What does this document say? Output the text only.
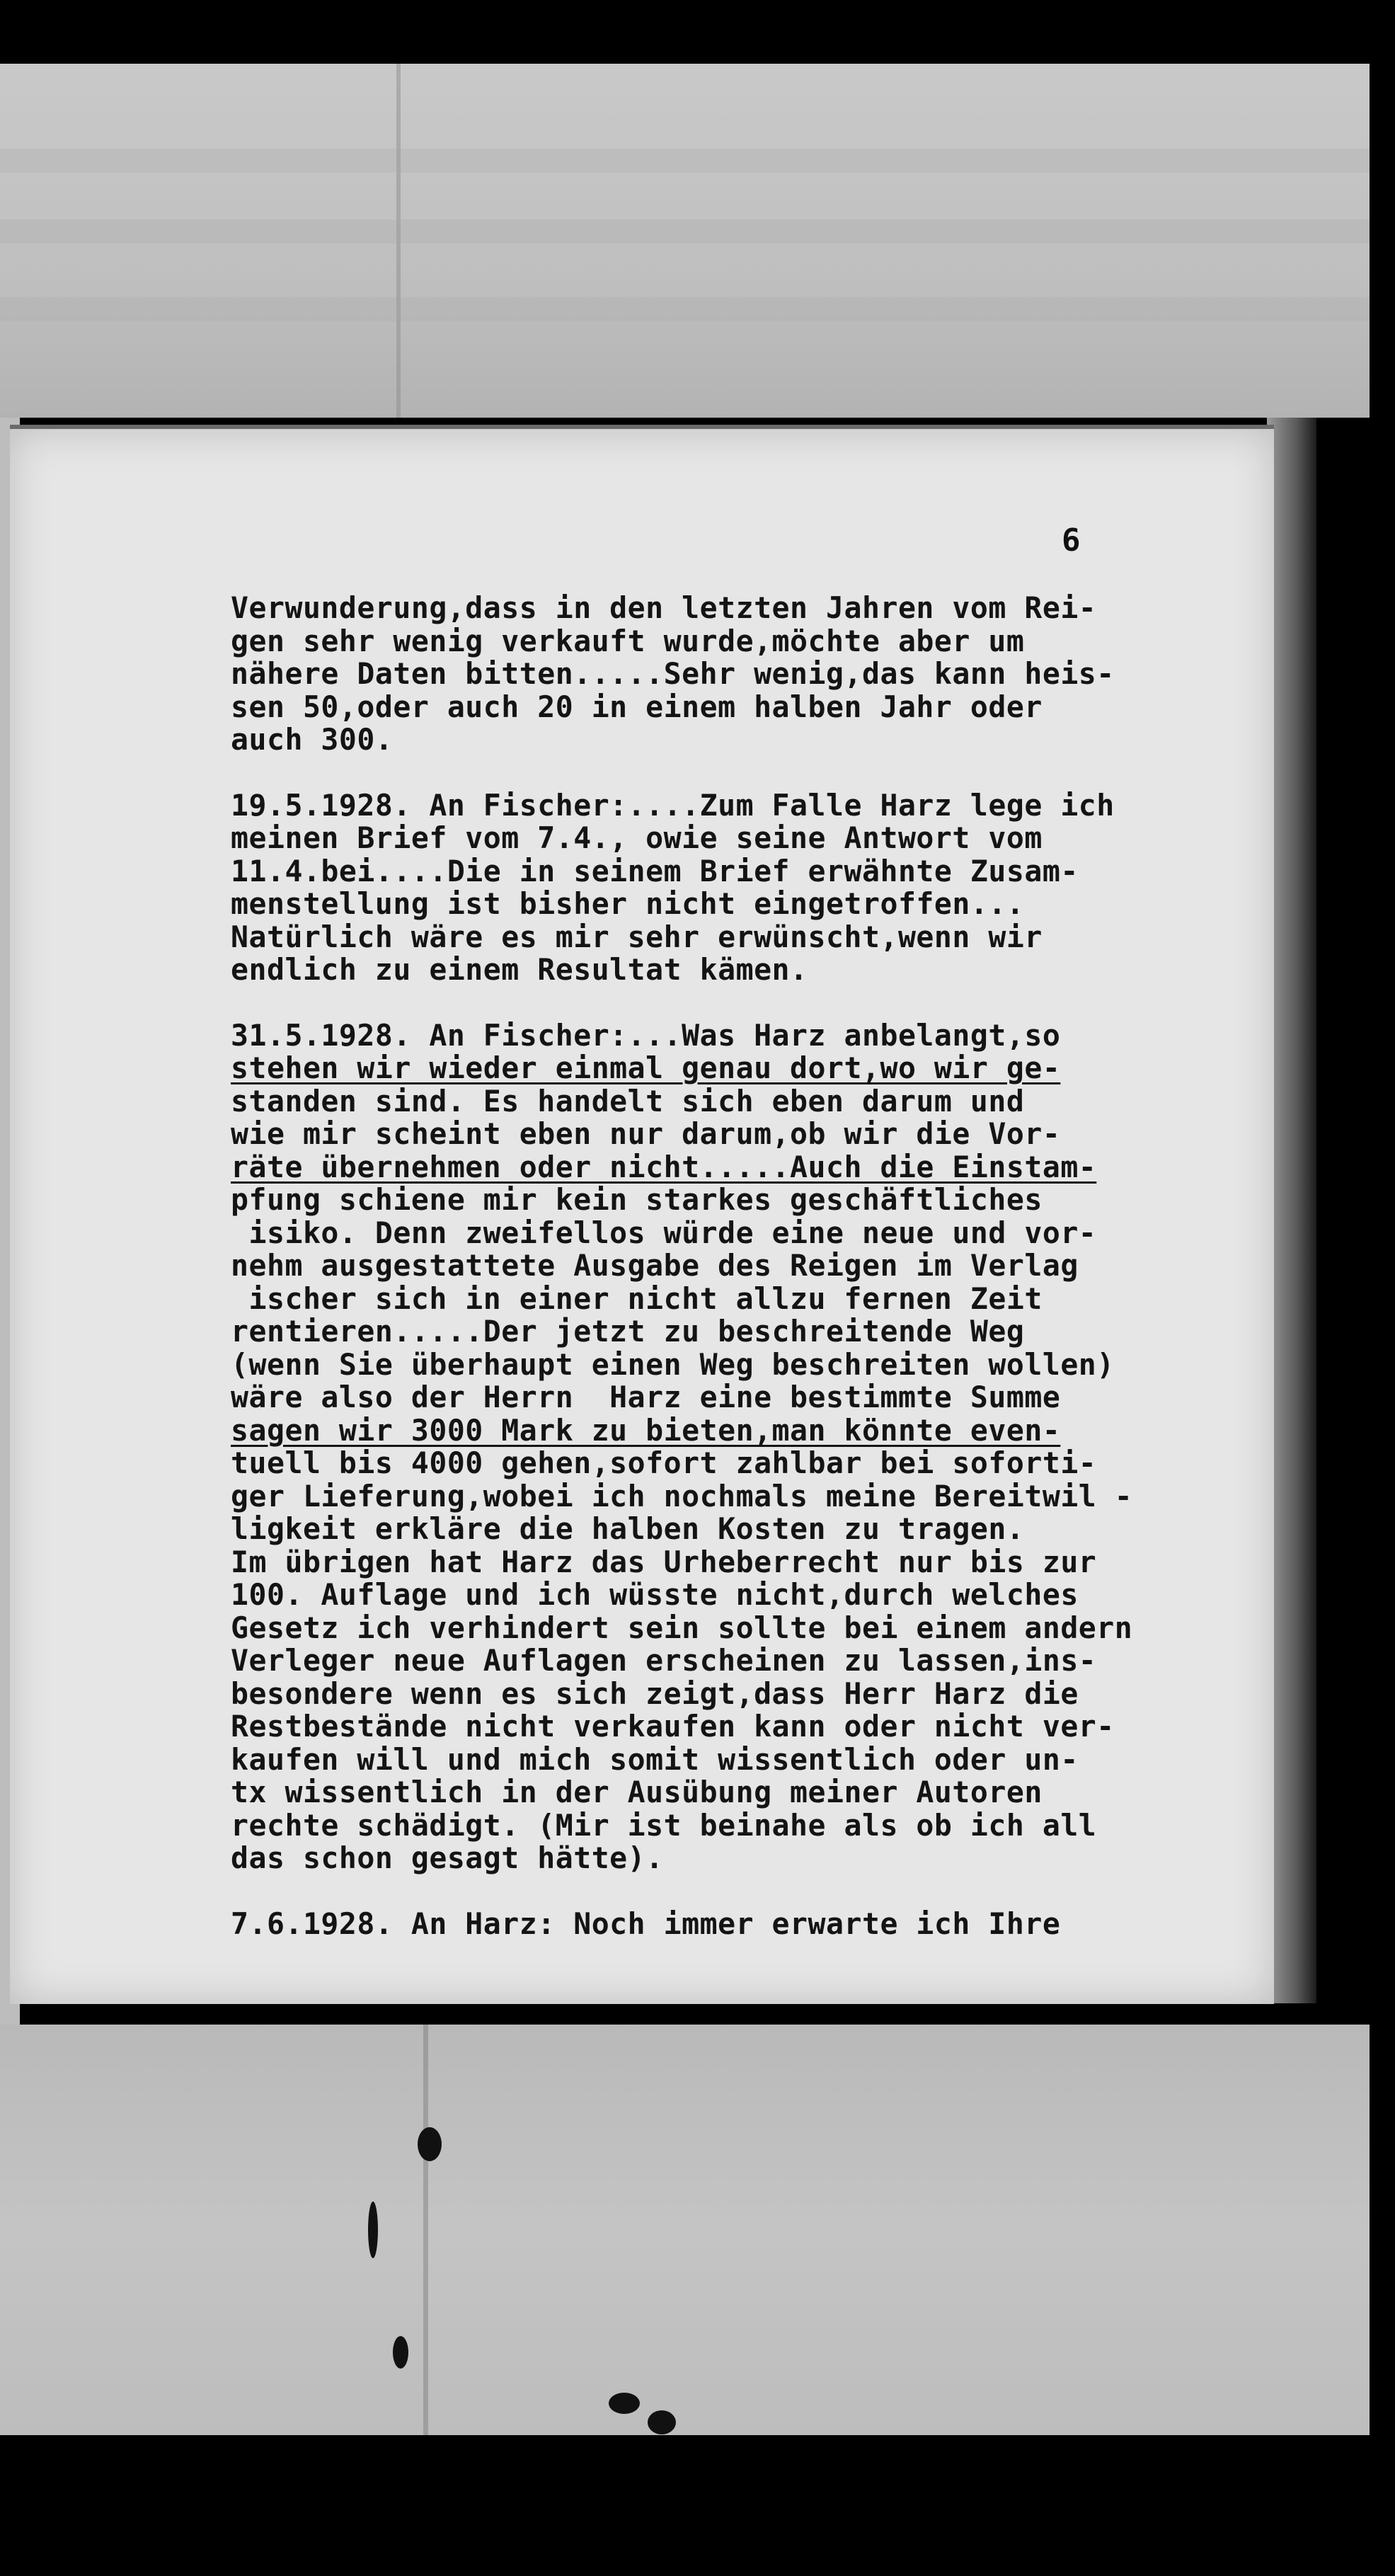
6
Verwunderung,dass in den letzten Jahren vom Rei-
gen sehr wenig verkauft wurde,möchte aber um
nähere Daten bitten.....Sehr wenig,das kann heis-
sen 50,oder auch 20 in einem halben Jahr oder
auch 300.
19.5.1928. An Fischer:....Zum Falle Harz lege ich
meinen Brief vom 7.4., owie seine Antwort vom
11.4.bei....Die in seinem Brief erwähnte Zusam-
menstellung ist bisher nicht eingetroffen...
Natürlich wäre es mir sehr erwünscht,wenn wir
endlich zu einem Resultat kämen.
31.5.1928. An Fischer:...Was Harz anbelangt,so
stehen wir wieder einmal genau dort,wo wir ge-
standen sind. Es handelt sich eben darum und
wie mir scheint eben nur darum,ob wir die Vor-
räte übernehmen oder nicht.....Auch die Einstam-
pfung schiene mir kein starkes geschäftliches
isiko. Denn zweifellos würde eine neue und vor-
nehm ausgestattete Ausgabe des Reigen im Verlag
ischer sich in einer nicht allzu fernen Zeit
rentieren.....Der jetzt zu beschreitende Weg
(wenn Sie überhaupt einen Weg beschreiten wollen)
wäre also der Herrn  Harz eine bestimmte Summe
sagen wir 3000 Mark zu bieten,man könnte even-
tuell bis 4000 gehen,sofort zahlbar bei soforti-
ger Lieferung,wobei ich nochmals meine Bereitwil -
ligkeit erkläre die halben Kosten zu tragen.
Im übrigen hat Harz das Urheberrecht nur bis zur
100. Auflage und ich wüsste nicht,durch welches
Gesetz ich verhindert sein sollte bei einem andern
Verleger neue Auflagen erscheinen zu lassen,ins-
besondere wenn es sich zeigt,dass Herr Harz die
Restbestände nicht verkaufen kann oder nicht ver-
kaufen will und mich somit wissentlich oder un-
tx wissentlich in der Ausübung meiner Autoren
rechte schädigt. (Mir ist beinahe als ob ich all
das schon gesagt hätte).
7.6.1928. An Harz: Noch immer erwarte ich Ihre
